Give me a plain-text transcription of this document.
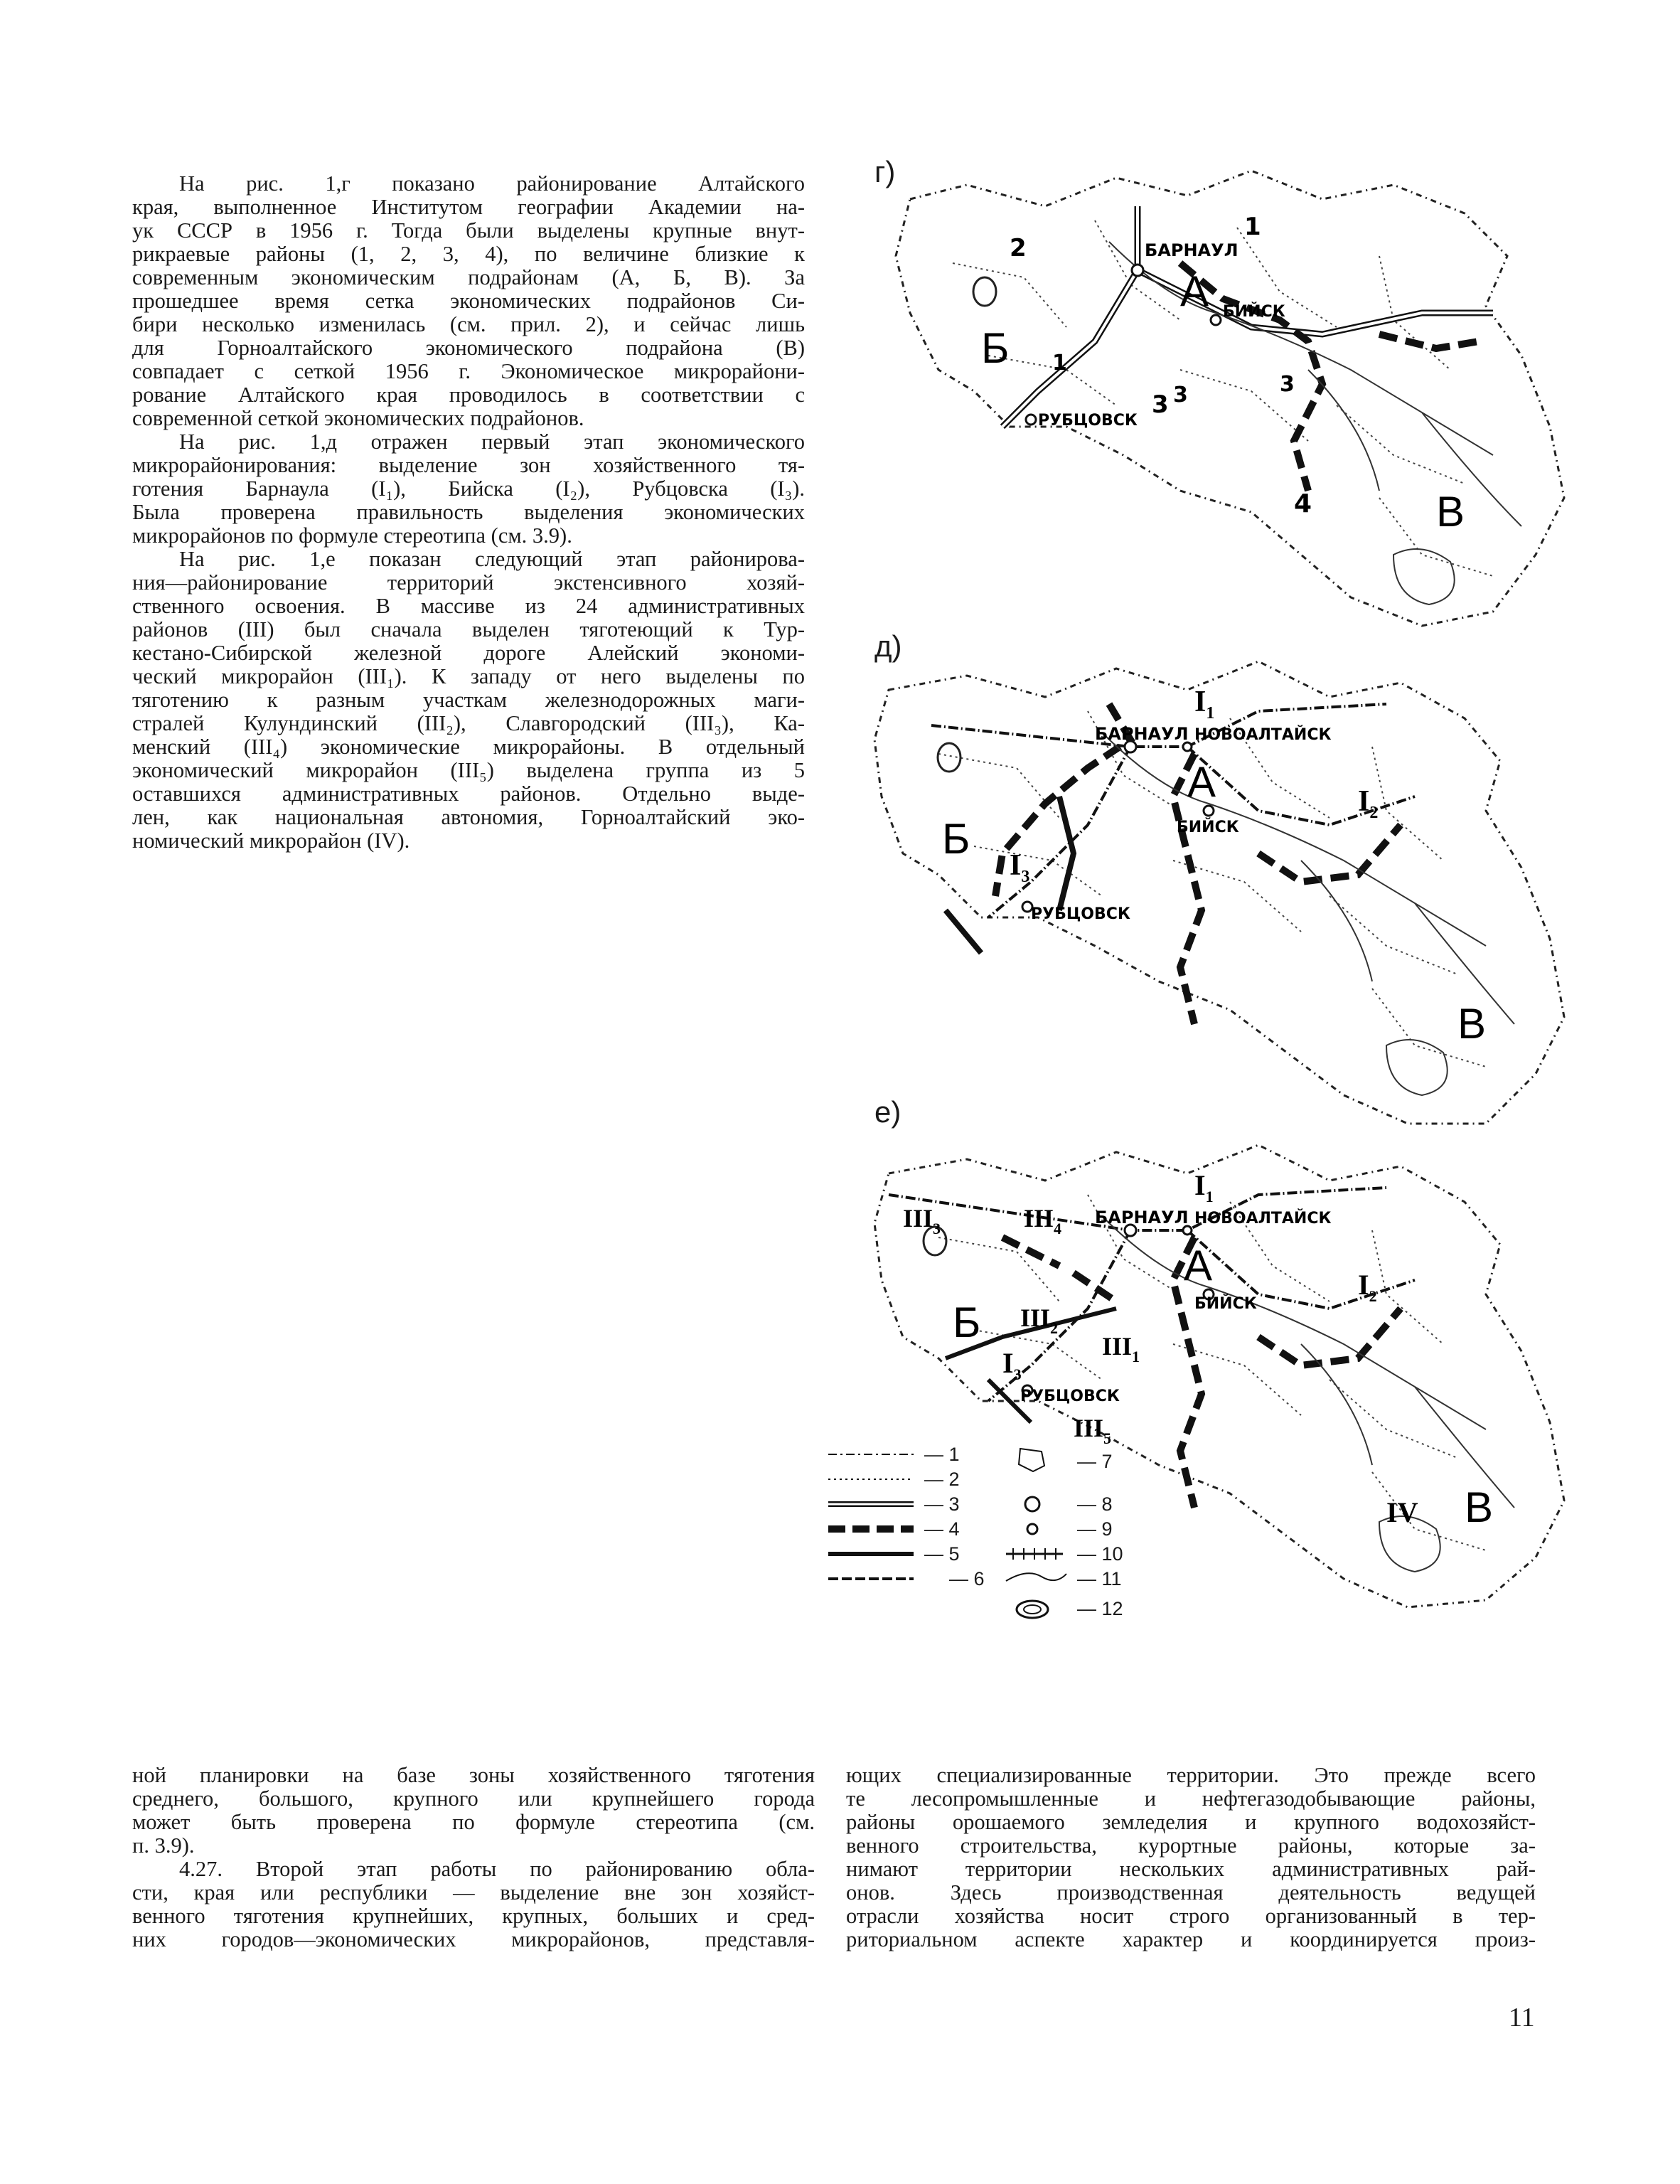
На рис. 1,г показано районирование Алтайского
края, выполненное Институтом географии Академии на-
ук СССР в 1956 г. Тогда были выделены крупные внут-
рикраевые районы (1, 2, 3, 4), по величине близкие к
современным экономическим подрайонам (А, Б, В). За
прошедшее время сетка экономических подрайонов Си-
бири несколько изменилась (см. прил. 2), и сейчас лишь
для Горноалтайского экономического подрайона (В)
совпадает с сеткой 1956 г. Экономическое микрорайони-
рование Алтайского края проводилось в соответствии с
современной сеткой экономических подрайонов.
На рис. 1,д отражен первый этап экономического
микрорайонирования: выделение зон хозяйственного тя-
готения Барнаула (I₁), Бийска (I₂), Рубцовска (I₃).
Была проверена правильность выделения экономических
микрорайонов по формуле стереотипа (см. 3.9).
На рис. 1,е показан следующий этап районирова-
ния—районирование территорий экстенсивного хозяй-
ственного освоения. В массиве из 24 административных
районов (III) был сначала выделен тяготеющий к Тур-
кестано-Сибирской железной дороге Алейский экономи-
ческий микрорайон (III₁). К западу от него выделены по
тяготению к разным участкам железнодорожных маги-
стралей Кулундинский (III₂), Славгородский (III₃), Ка-
менский (III₄) экономические микрорайоны. В отдельный
экономический микрорайон (III₅) выделена группа из 5
оставшихся административных районов. Отдельно выде-
лен, как национальная автономия, Горноалтайский эко-
номический микрорайон (IV).
г)
БАРНАУЛ
БИЙСК
РУБЦОВСК
А
Б
В
1
2
3
4
1
3	3
д)
БАРНАУЛ НОВОАЛТАЙСК
БИЙСК
РУБЦОВСК
А
Б
В
$I_1$
$I_2$
$I_3$
е)
БАРНАУЛ НОВОАЛТАЙСК
БИЙСК
РУБЦОВСК
А
Б
В
$I_1$
$I_2$
$I_3$
$III_3$	$III_4$
$III_2$
$III_1$
$III_5$
IV
— 1
— 2
— 3
— 4
— 5
— 6
— 7
— 8
— 9
— 10
— 11
— 12
ной планировки на базе зоны хозяйственного тяготения
среднего, большого, крупного или крупнейшего города
может быть проверена по формуле стереотипа (см.
п. 3.9).
4.27. Второй этап работы по районированию обла-
сти, края или республики — выделение вне зон хозяйст-
венного тяготения крупнейших, крупных, больших и сред-
них городов—экономических микрорайонов, представля-
ющих специализированные территории. Это прежде всего
те лесопромышленные и нефтегазодобывающие районы,
районы орошаемого земледелия и крупного водохозяйст-
венного строительства, курортные районы, которые за-
нимают территории нескольких административных рай-
онов. Здесь производственная деятельность ведущей
отрасли хозяйства носит строго организованный в тер-
риториальном аспекте характер и координируется произ-
11
